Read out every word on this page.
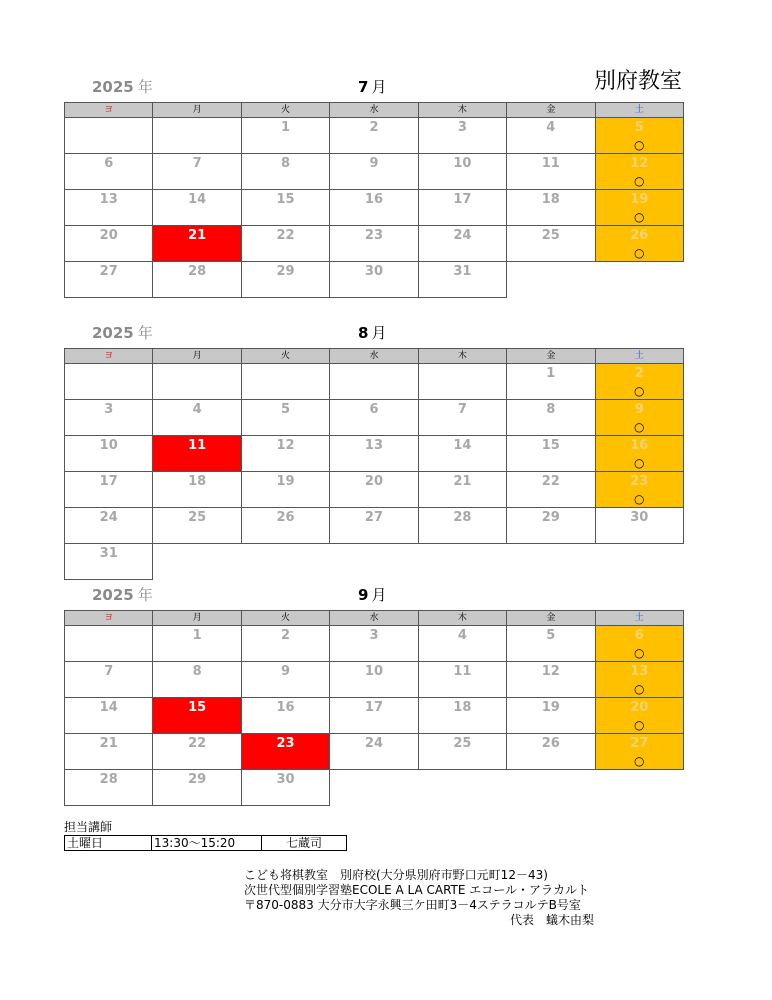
2025 年	7 月	別府教室
ヨ	月	火	水	木	金	土

		1	2	3	4	5
○

6	7	8	9	10	11	12
○

13	14	15	16	17	18	19
○

20	21	22	23	24	25	26
○

27	28	29	30	31		

2025 年	8 月
ヨ	月	火	水	木	金	土

					1	2
○

3	4	5	6	7	8	9
○

10	11	12	13	14	15	16
○

17	18	19	20	21	22	23
○

24	25	26	27	28	29	30

31						

2025 年	9 月
ヨ	月	火	水	木	金	土

	1	2	3	4	5	6
○

7	8	9	10	11	12	13
○

14	15	16	17	18	19	20
○

21	22	23	24	25	26	27
○

28	29	30				

担当講師
土曜日	13:30～15:20	七蔵司
こども将棋教室　別府校(大分県別府市野口元町12－43)
次世代型個別学習塾ECOLE A LA CARTE エコール・アラカルト
〒870-0883 大分市大字永興三ケ田町3－4ステラコルテB号室
代表　蟻木由梨
